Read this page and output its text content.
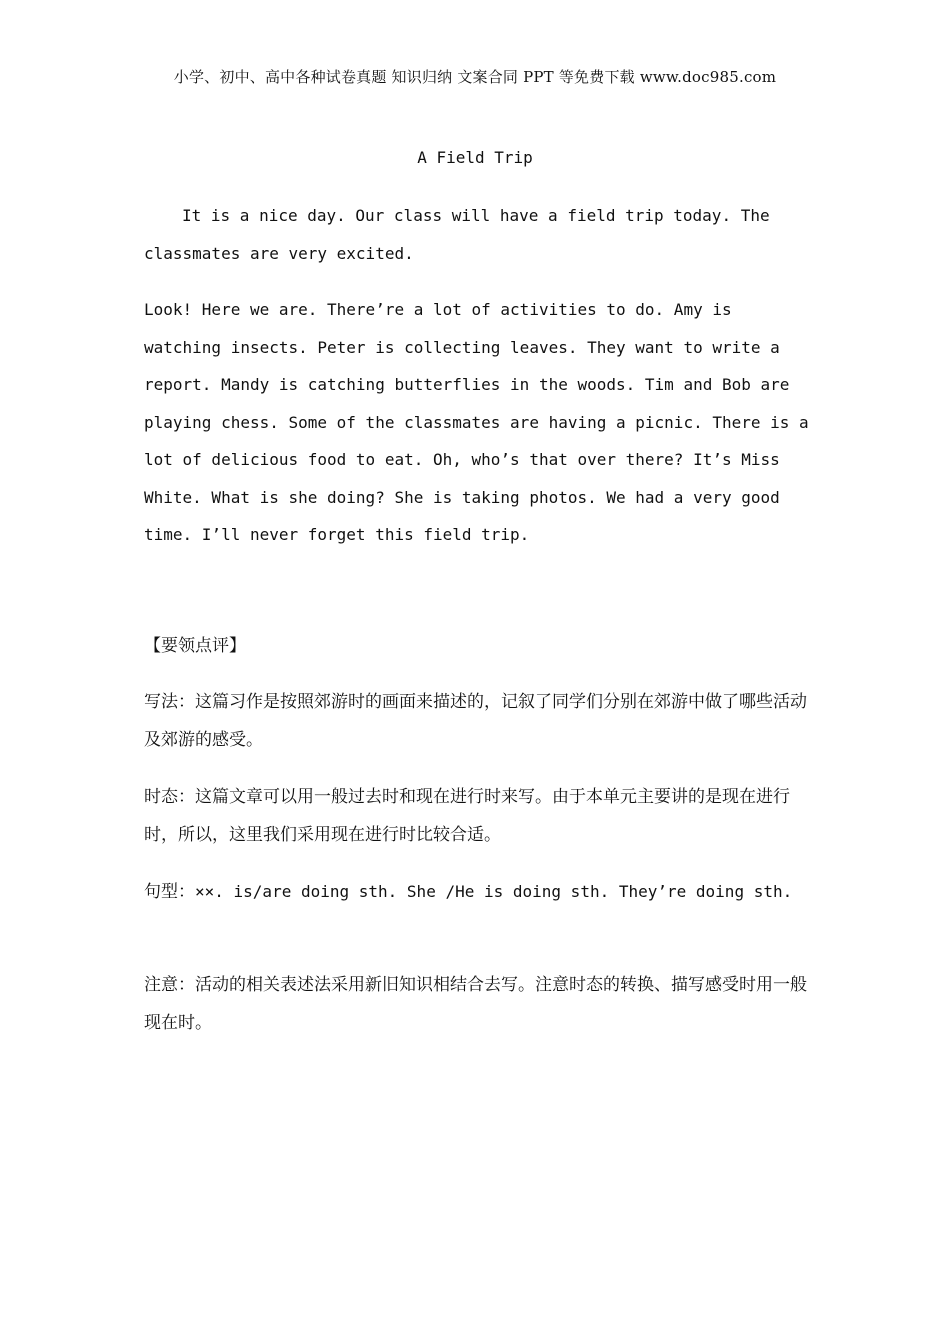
小学、初中、高中各种试卷真题 知识归纳 文案合同 PPT 等免费下载 www.doc985.com
A Field Trip

It is a nice day. Our class will have a field trip today. The classmates are very excited.

Look! Here we are. There’re a lot of activities to do. Amy is watching insects. Peter is collecting leaves. They want to write a report. Mandy is catching butterflies in the woods. Tim and Bob are playing chess. Some of the classmates are having a picnic. There is a lot of delicious food to eat. Oh, who’s that over there? It’s Miss White. What is she doing? She is taking photos. We had a very good time. I’ll never forget this field trip.

【要领点评】

写法：这篇习作是按照郊游时的画面来描述的，记叙了同学们分别在郊游中做了哪些活动及郊游的感受。

时态：这篇文章可以用一般过去时和现在进行时来写。由于本单元主要讲的是现在进行时，所以，这里我们采用现在进行时比较合适。

句型：××. is/are doing sth. She /He is doing sth. They’re doing sth.

注意：活动的相关表述法采用新旧知识相结合去写。注意时态的转换、描写感受时用一般现在时。
